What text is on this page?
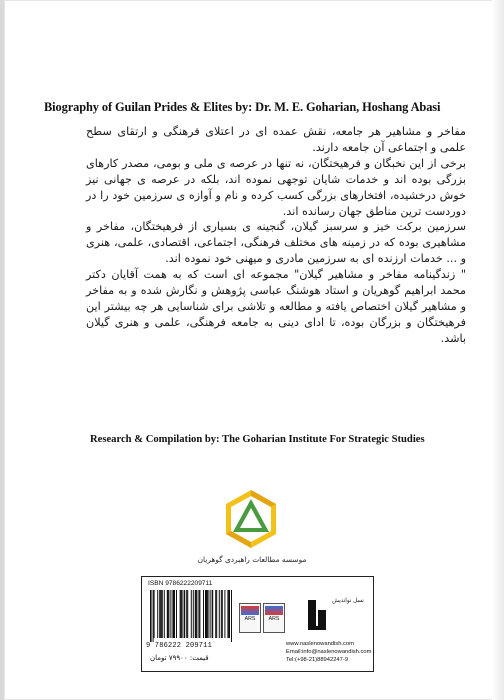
Biography of Guilan Prides & Elites by: Dr. M. E. Goharian, Hoshang Abasi

مفاخر و مشاهیر هر جامعه، نقش عمده ای در اعتلای فرهنگی و ارتقای سطح علمی و اجتماعی آن جامعه دارند.

برخی از این نخبگان و فرهیختگان، نه تنها در عرصه ی ملی و بومی، مصدر کارهای بزرگی بوده اند و خدمات شایان توجهی نموده اند، بلکه در عرصه ی جهانی نیز خوش درخشیده، افتخارهای بزرگی کسب کرده و نام و آوازه ی سرزمین خود را در دوردست ترین مناطق جهان رسانده اند.

سرزمین برکت خیز و سرسبز گیلان، گنجینه ی بسیاری از فرهیختگان، مفاخر و مشاهیری بوده که در زمینه های مختلف فرهنگی، اجتماعی، اقتصادی، علمی، هنری و ... خدمات ارزنده ای به سرزمین مادری و میهنی خود نموده اند.

" زندگینامه مفاخر و مشاهیر گیلان" مجموعه ای است که به همت آقایان دکتر محمد ابراهیم گوهریان و استاد هوشنگ عباسی پژوهش و نگارش شده و به مفاخر و مشاهیر گیلان اختصاص یافته و مطالعه و تلاشی برای شناسایی هر چه بیشتر این فرهیختگان و بزرگان بوده، تا ادای دینی به جامعه فرهنگی، علمی و هنری گیلان باشد.

Research & Compilation by: The Goharian Institute For Strategic Studies
موسسه مطالعات راهبردی گوهریان
ISBN 9786222209711
9 786222 209711
قیمت: ۷۹۹۰۰ تومان
ARS	ARS
نسل نواندیش
www.naslenowandish.com
Email:info@naslenowandish.com
Tel:(+98-21)88942247-9
